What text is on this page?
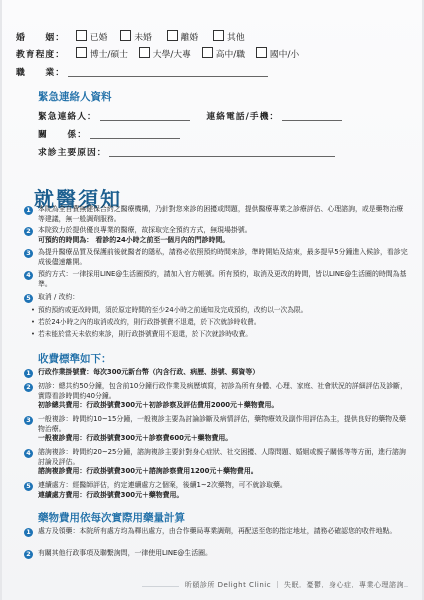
婚　　姻：	已婚	未婚	離婚	其他
教育程度：	博士/碩士	大學/大專	高中/職	國中/小
職　　業：
緊急連絡人資料
緊急連絡人：	連絡電話/手機：
關　　係：
求診主要原因：
就醫須知
1	本院為全自費無健保合約之醫療機構，乃針對您來診的困擾或問題，提供醫療專業之診療評估、心理諮詢，或是藥物治療等建議，無一般調劑服務。
2	本院致力於提供優良專業的醫療，故採取完全預約方式，無現場掛號。
可預約的時間為： 看診的24小時之前至一個月內的門診時間。
3	為提升醫療品質及保護前後就醫者的隱私，請務必依照預約時間來診，準時開始及結束，最多提早5分鐘進入候診，看診完成後儘速離開。
4	預約方式：一律採用LINE@生活圈預約，請加入官方帳號。所有預約，取消及更改的時間，皆以LINE@生活圈的時間為基準。
5	取消 / 改約：
• 預約預約或更改時間，須於原定時間的至少24小時之前通知及完成預約，改約以一次為限。
• 若於24小時之內的取消或改約，則行政掛號費不退還，於下次就診時收費。
• 若未能於當天未依約來診，則行政掛號費用不退還，於下次就診時收費。
收費標準如下：
1	行政作業掛號費：每次300元新台幣（內含行政、病歷、掛號、郵資等）
2	初診：總共約50分鐘，包含前10分鐘行政作業及病歷填寫，初診為所有身體、心理、家庭、社會狀況的詳細評估及診斷，實際看診時間約40分鐘。
初診總共費用：行政掛號費300元＋初診診察及評估費用2000元＋藥物費用。
3	一般複診：時間約10~15分鐘，一般複診主要為討論診斷及病情評估，藥物療效及副作用評估為主，提供良好的藥物及藥物治療。
一般複診費用：行政掛號費300元＋診察費600元＋藥物費用。
4	諮詢複診：時間約20~25分鐘，諮詢複診主要針對身心症狀、社交困擾、人際問題、婚姻或親子關係等等方面，進行諮詢討論及評估。
諮詢複診費用：行政掛號費300元＋諮詢診察費用1200元＋藥物費用。
5	連續處方：經醫師評估，約定連續處方之個案，後續1~2次藥物，可不就診取藥。
連續處方費用：行政掛號費300元＋藥物費用。
藥物費用依每次實際用藥量計算
1	處方及領藥：本院所有處方均為釋出處方，由合作藥局專業調劑，再配送至您的指定地址，請務必確認您的收件地點。
2	有關其他行政事項及聯繫詢問，一律使用LINE@生活圈。
昕頤診所 Delight Clinic ｜ 失眠．憂鬱．身心症．專業心理諮詢
